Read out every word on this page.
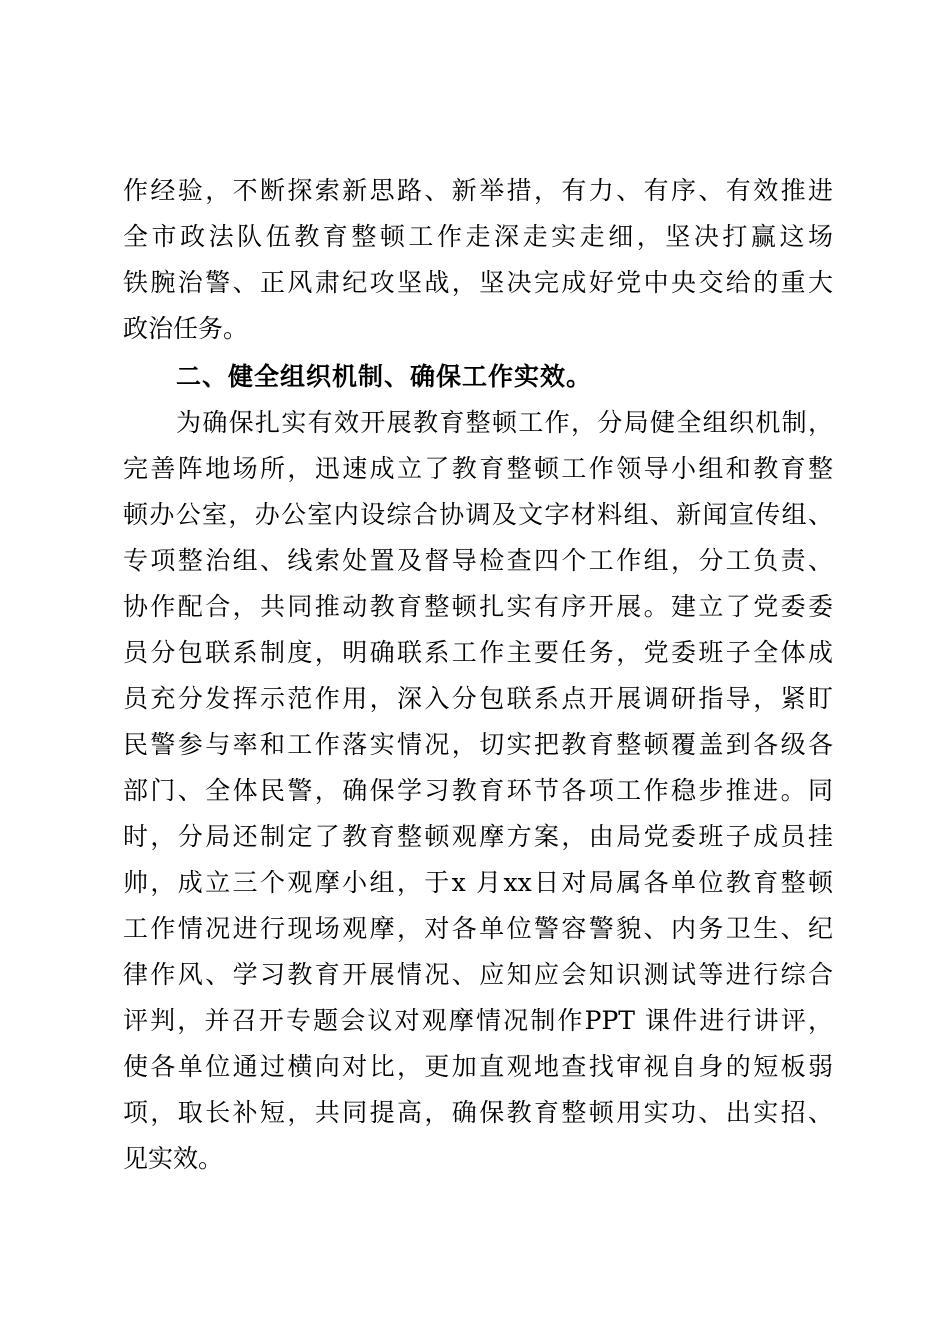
作经验，不断探索新思路、新举措，有力、有序、有效推进
全市政法队伍教育整顿工作走深走实走细，坚决打赢这场
铁腕治警、正风肃纪攻坚战，坚决完成好党中央交给的重大
政治任务。
二、健全组织机制、确保工作实效。
为确保扎实有效开展教育整顿工作，分局健全组织机制，
完善阵地场所，迅速成立了教育整顿工作领导小组和教育整
顿办公室，办公室内设综合协调及文字材料组、新闻宣传组、
专项整治组、线索处置及督导检查四个工作组，分工负责、
协作配合，共同推动教育整顿扎实有序开展。建立了党委委
员分包联系制度，明确联系工作主要任务，党委班子全体成
员充分发挥示范作用，深入分包联系点开展调研指导，紧盯
民警参与率和工作落实情况，切实把教育整顿覆盖到各级各
部门、全体民警，确保学习教育环节各项工作稳步推进。同
时，分局还制定了教育整顿观摩方案，由局党委班子成员挂
帅，成立三个观摩小组，于x 月xx日对局属各单位教育整顿
工作情况进行现场观摩，对各单位警容警貌、内务卫生、纪
律作风、学习教育开展情况、应知应会知识测试等进行综合
评判，并召开专题会议对观摩情况制作PPT 课件进行讲评，
使各单位通过横向对比，更加直观地查找审视自身的短板弱
项，取长补短，共同提高，确保教育整顿用实功、出实招、
见实效。
